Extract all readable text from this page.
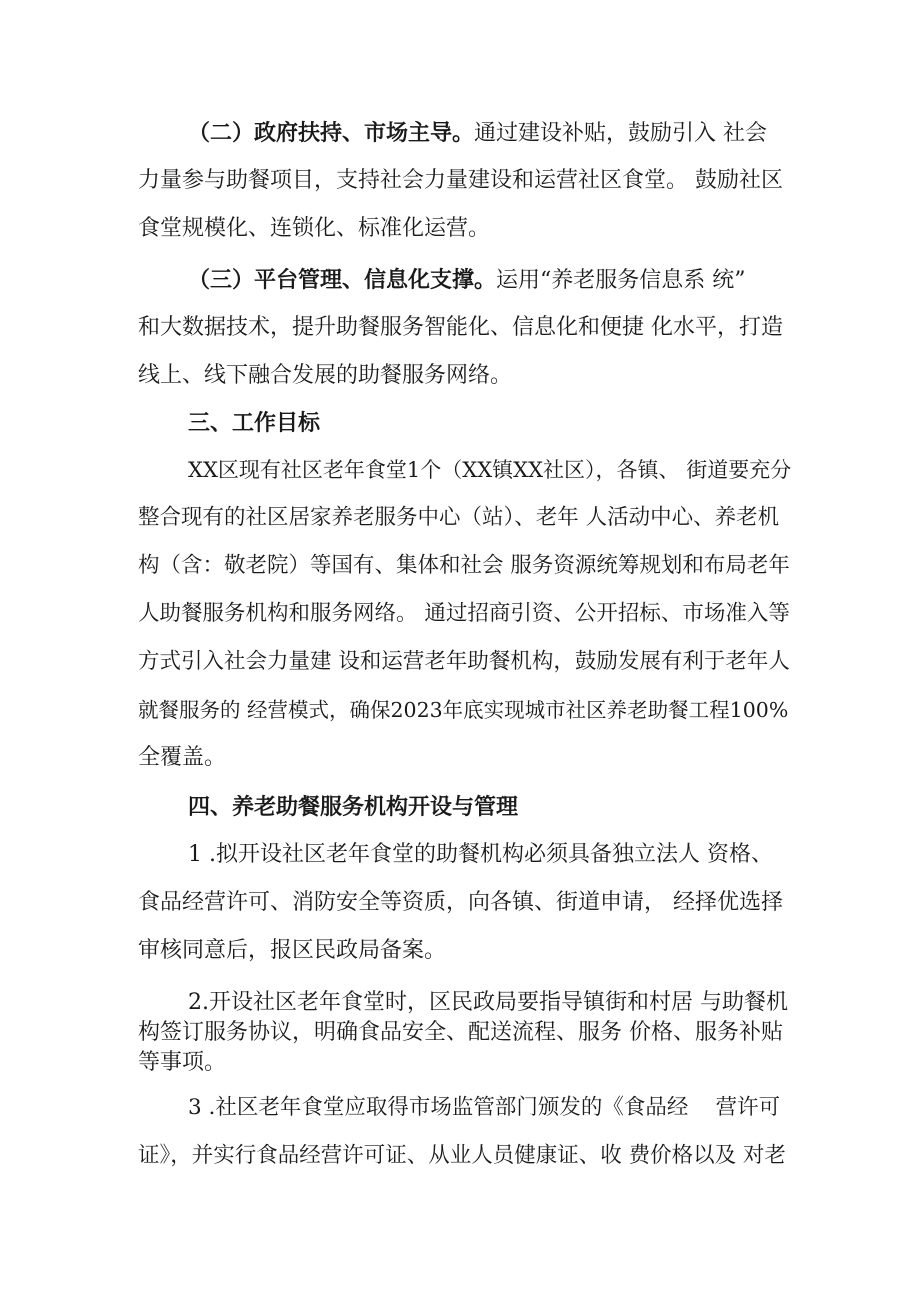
（二）政府扶持、市场主导。通过建设补贴，鼓励引入 社会
力量参与助餐项目，支持社会力量建设和运营社区食堂。 鼓励社区
食堂规模化、连锁化、标准化运营。
（三）平台管理、信息化支撑。运用“养老服务信息系 统”
和大数据技术，提升助餐服务智能化、信息化和便捷 化水平，打造
线上、线下融合发展的助餐服务网络。
三、工作目标
XX区现有社区老年食堂1个（XX镇XX社区），各镇、 街道要充分
整合现有的社区居家养老服务中心（站）、老年 人活动中心、养老机
构（含：敬老院）等国有、集体和社会 服务资源统筹规划和布局老年
人助餐服务机构和服务网络。 通过招商引资、公开招标、市场准入等
方式引入社会力量建 设和运营老年助餐机构，鼓励发展有利于老年人
就餐服务的 经营模式，确保2023年底实现城市社区养老助餐工程100%
全覆盖。
四、养老助餐服务机构开设与管理
1 .拟开设社区老年食堂的助餐机构必须具备独立法人 资格、
食品经营许可、消防安全等资质，向各镇、街道申请， 经择优选择
审核同意后，报区民政局备案。
2.开设社区老年食堂时，区民政局要指导镇街和村居 与助餐机
构签订服务协议，明确食品安全、配送流程、服务 价格、服务补贴
等事项。
3 .社区老年食堂应取得市场监管部门颁发的《食品经    营许可
证》，并实行食品经营许可证、从业人员健康证、收 费价格以及 对老
